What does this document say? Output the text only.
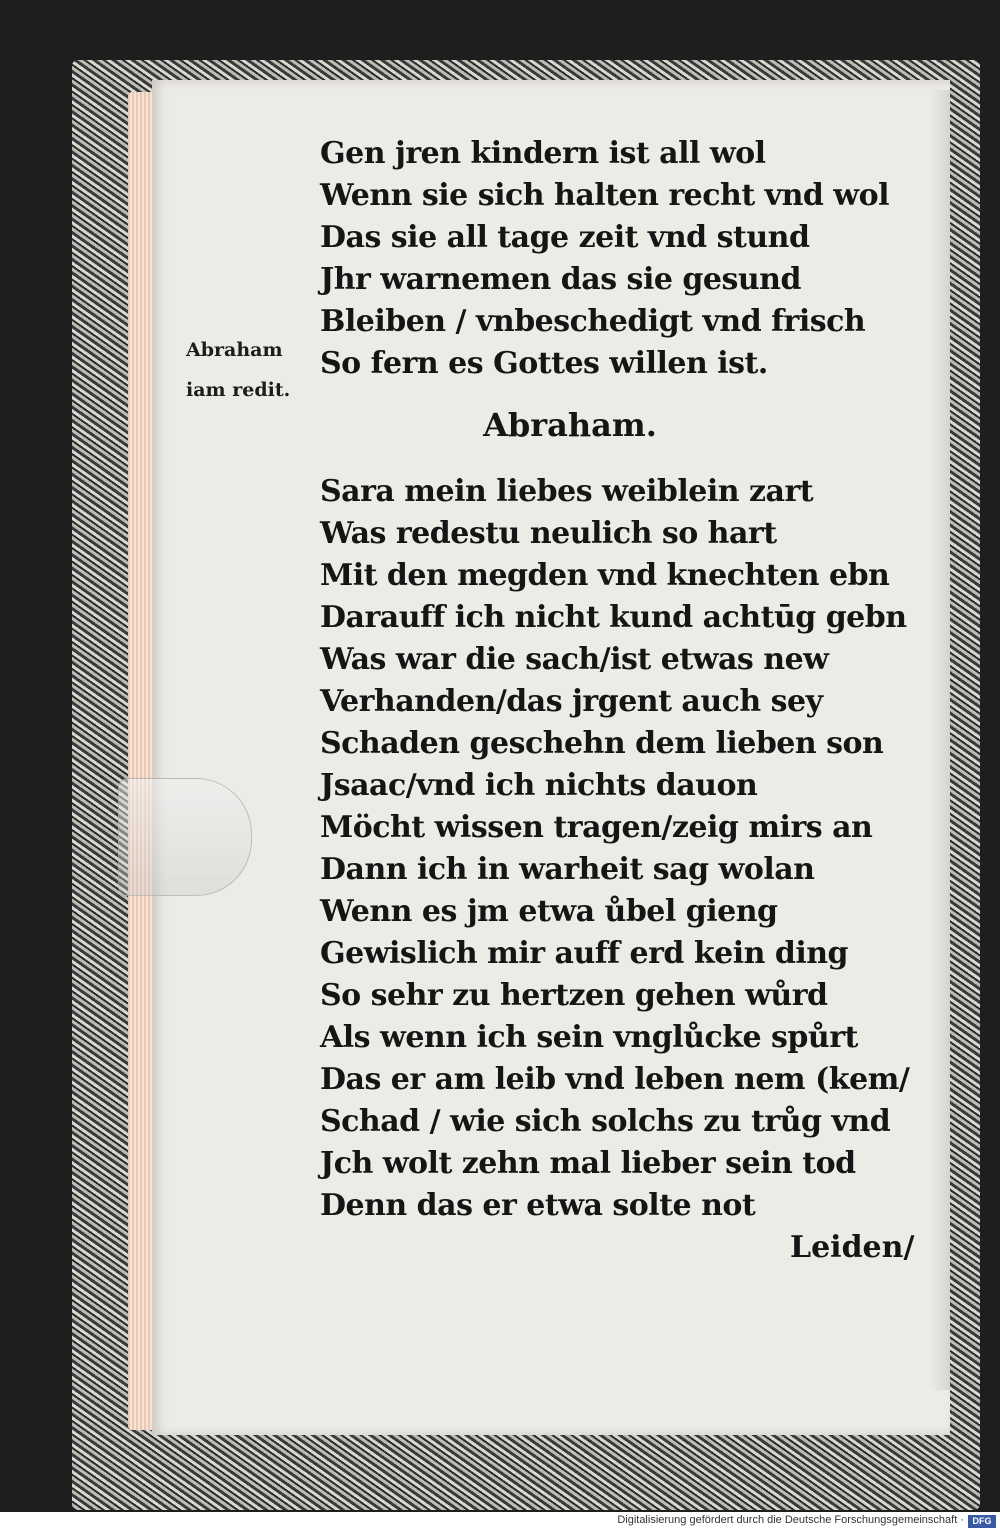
Abraham
iam redit.
Gen jren kindern ist all wol
Wenn sie sich halten recht vnd wol
Das sie all tage zeit vnd stund
Jhr warnemen das sie gesund
Bleiben / vnbeschedigt vnd frisch
So fern es Gottes willen ist.
Abraham.
Sara mein liebes weiblein zart
Was redestu neulich so hart
Mit den megden vnd knechten ebn
Darauff ich nicht kund achtūg gebn
Was war die sach/ist etwas new
Verhanden/das jrgent auch sey
Schaden geschehn dem lieben son
Jsaac/vnd ich nichts dauon
Möcht wissen tragen/zeig mirs an
Dann ich in warheit sag wolan
Wenn es jm etwa ůbel gieng
Gewislich mir auff erd kein ding
So sehr zu hertzen gehen wůrd
Als wenn ich sein vnglůcke spůrt
Das er am leib vnd leben nem (kem/
Schad / wie sich solchs zu trůg vnd
Jch wolt zehn mal lieber sein tod
Denn das er etwa solte not
Leiden/
Digitalisierung gefördert durch die Deutsche Forschungsgemeinschaft · DFG
